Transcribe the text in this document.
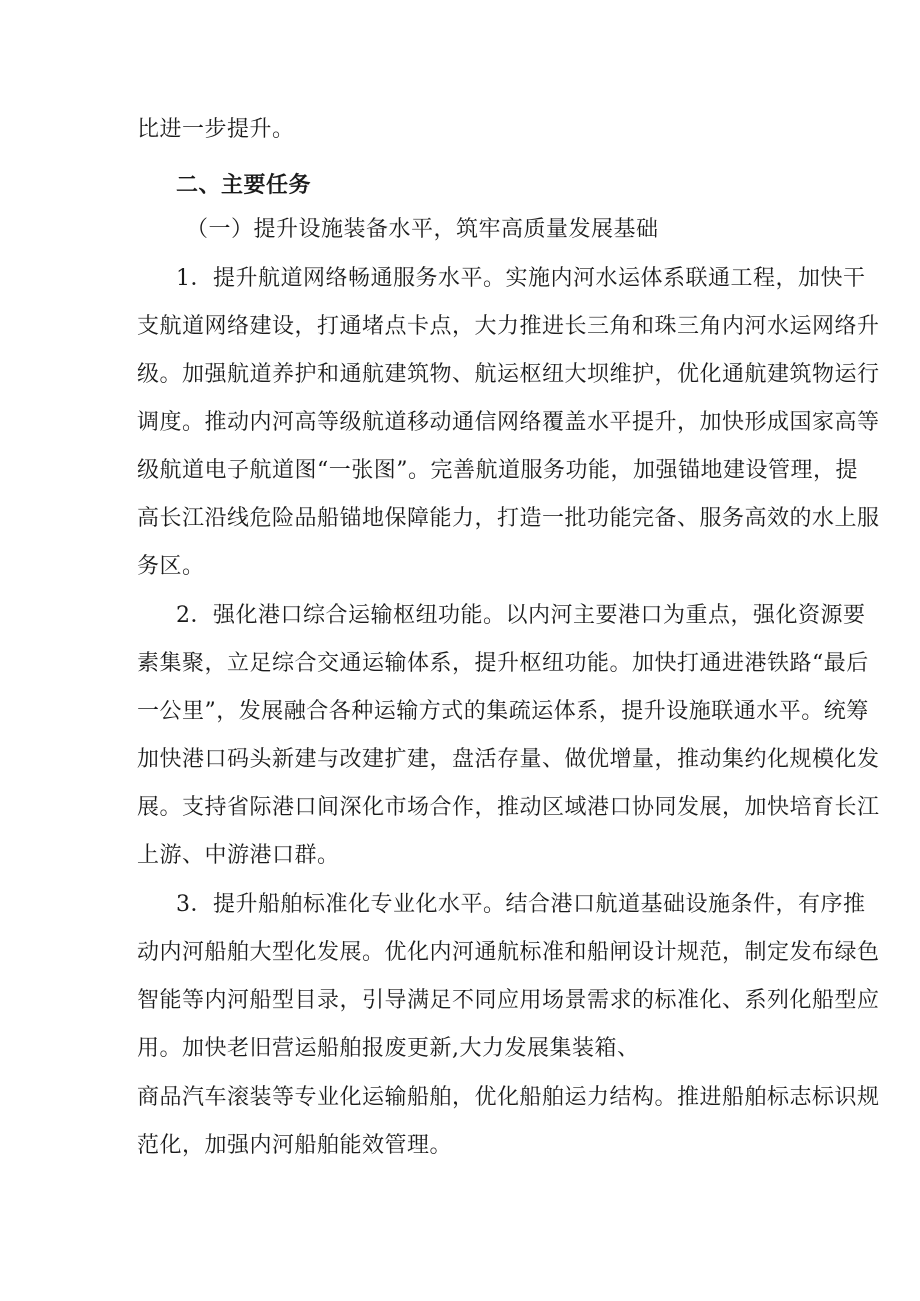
比进一步提升。
二、主要任务
（一）提升设施装备水平，筑牢高质量发展基础
1．提升航道网络畅通服务水平。实施内河水运体系联通工程，加快干
支航道网络建设，打通堵点卡点，大力推进长三角和珠三角内河水运网络升
级。加强航道养护和通航建筑物、航运枢纽大坝维护，优化通航建筑物运行
调度。推动内河高等级航道移动通信网络覆盖水平提升，加快形成国家高等
级航道电子航道图“一张图”。完善航道服务功能，加强锚地建设管理，提
高长江沿线危险品船锚地保障能力，打造一批功能完备、服务高效的水上服
务区。
2．强化港口综合运输枢纽功能。以内河主要港口为重点，强化资源要
素集聚，立足综合交通运输体系，提升枢纽功能。加快打通进港铁路“最后
一公里”，发展融合各种运输方式的集疏运体系，提升设施联通水平。统筹
加快港口码头新建与改建扩建，盘活存量、做优增量，推动集约化规模化发
展。支持省际港口间深化市场合作，推动区域港口协同发展，加快培育长江
上游、中游港口群。
3．提升船舶标准化专业化水平。结合港口航道基础设施条件，有序推
动内河船舶大型化发展。优化内河通航标准和船闸设计规范，制定发布绿色
智能等内河船型目录，引导满足不同应用场景需求的标准化、系列化船型应
用。加快老旧营运船舶报废更新,大力发展集装箱、
商品汽车滚装等专业化运输船舶，优化船舶运力结构。推进船舶标志标识规
范化，加强内河船舶能效管理。
